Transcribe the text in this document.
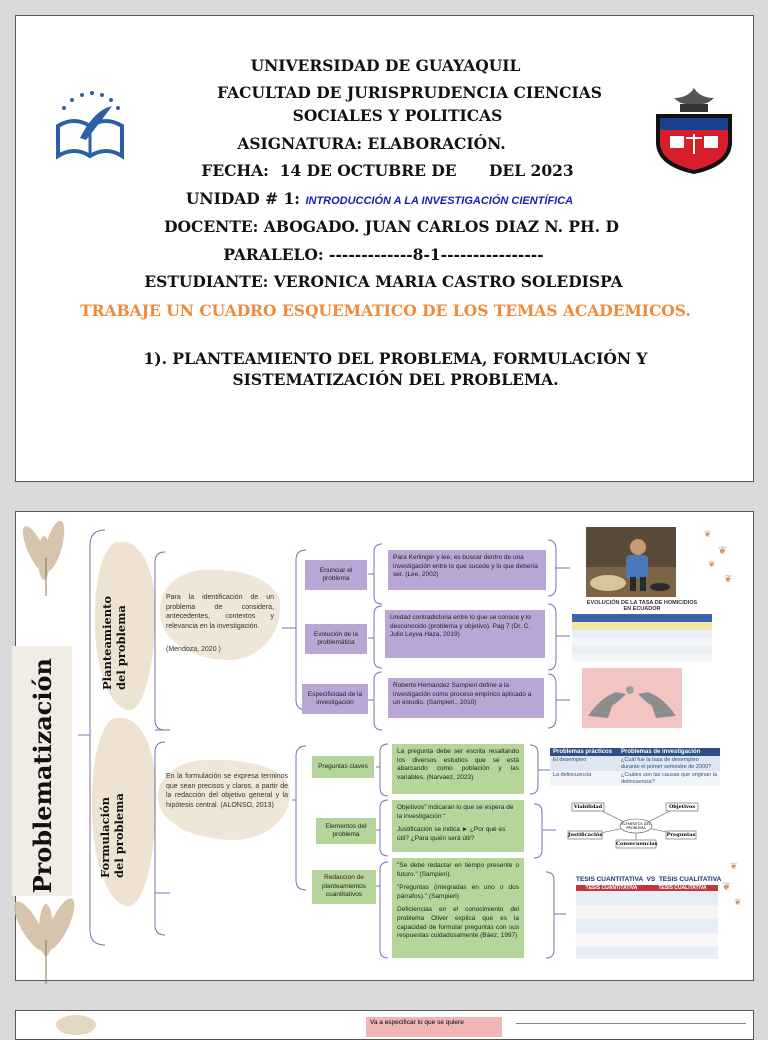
UNIVERSIDAD DE GUAYAQUIL
FACULTAD DE JURISPRUDENCIA CIENCIAS
SOCIALES Y POLITICAS
ASIGNATURA: ELABORACIÓN.
FECHA:  14 DE OCTUBRE DE      DEL 2023
UNIDAD # 1: INTRODUCCIÓN A LA INVESTIGACIÓN CIENTÍFICA
DOCENTE: ABOGADO. JUAN CARLOS DIAZ N. PH. D
PARALELO: -------------8-1----------------
ESTUDIANTE: VERONICA MARIA CASTRO SOLEDISPA
TRABAJE UN CUADRO ESQUEMATICO DE LOS TEMAS ACADEMICOS.
1). PLANTEAMIENTO DEL PROBLEMA, FORMULACIÓN Y
SISTEMATIZACIÓN DEL PROBLEMA.
❦
❦
❦
❦
❦
❦
❦
Problematización
Planteamiento
del problema
Formulación
del problema
Para la identificación de un problema de considera, antecedentes, contextos y relevancia en la investigación.
(Mendoza, 2020 )
En la formulación se expresa terminos que sean precisos y claros, a partir de la redacción del objetivo general y la hipótesis central. (ALONSO, 2013)
Enunciar el problema
Para Kerlinger y lee, es buscar dentro de una investigación entre lo que sucede y lo que debería ser. (Lee, 2002)
Evolución de la problemática
Unidad contradictoria entre lo que se conoce y lo desconocido (problema y objetivo). Pag 7 (Dr. C. Julio Leyva Haza, 2019)
Especificidad de la investigación
Roberto Hernández Sampieri define a la investigación como proceso empírico aplicado a un estudio. (Sampieri., 2010)
Preguntas claves

La pregunta debe ser escrita resaltando los diversos estudios que se está abarcando como población y las variables. (Narvaez, 2023)

Elementos del problema

Objetivos" indicaran lo que se espera de la investigación "

Justificación se indica ► ¿Por qué es útil? ¿Para quién será útil?

Redaccion de planteamientos cuantitativos

"Se debe redactar en tiempo presente o futuro." (Sampieri).

"Preguntas (integradas en uno o dos párrafos)." (Sampieri)

Deficiencias en el conocimiento del problema Oliver explica que es la capacidad de formular preguntas con sus respuestas cuidadosamente (Báez, 1997)

EVOLUCIÓN DE LA TASA DE HOMICIDIOS
EN ECUADOR
Problemas prácticos	Problemas de investigación
El desempleo	¿Cuál fue la tasa de desempleo durante el primer semestre de 2000?
La delincuencia	¿Cuáles son las causas que originan la delincuencia?
ELEMENTOS DEL PROBLEMA
Viabilidad	Objetivos
Justificación	Preguntas
Consecuencias
TESIS CUANTITATIVA  VS  TESIS CUALITATIVA
TESIS CUANTITATIVA	TESIS CUALITATIVA
Va a especificar lo que se quiere
